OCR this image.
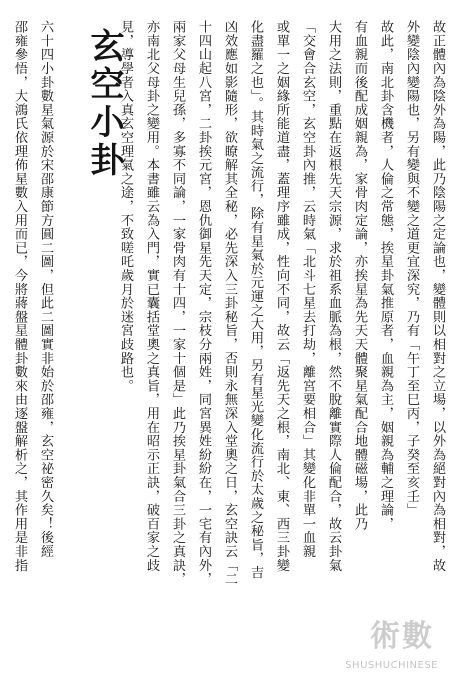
故正體內為陰外為陽，此乃陰陽之定論也，變體則以相對之立場，以外為絕對內為相對，故
外變陰內變陽也，另有變與不變之道更宜深究，乃有「午丁至巳丙，子癸至亥壬」
故此，南北卦含機者，人倫之常態，挨星卦氣推原者，血親為主，姻親為輔之理論，
有血親而後配成姻親為，家骨肉定論，亦挨星為先天天體聚星氣配合地體磁場，此乃
大用之法則，重點在返根先天宗源，求於祖系血脈為根，然不脫離實際人倫配合，故云卦氣
「交會合玄空，玄空卦內推，云時氣「北斗七星去打劫，離宮要相合」其變化非單一血親
或單一之姻緣所能道盡，蓋理序雖成，性向不同，故云「返先天之根，南北、東、西三卦變
化盡羅之也」。其時氣之流行，除有星氣於元運之大用，另有星光變化流行於太歲之秘旨，吉
凶效應如影隨形，欲瞭解其全秘，必先深入三卦秘旨，否則永無深入堂奧之日，玄空訣云「二
十四山起八宮，二卦挨元宮，恩仇御星先天定，宗枝分兩姓，同宮異姓紛紛在，一宅有內外，
兩家父母生兒孫，多寡不同論，一家骨肉有十四，一家十個是」此乃挨星卦氣合三卦之真訣，
亦南北父母卦之變用。本書雖云為入門，實已囊括堂奧之真旨，用在昭示正訣，破百家之歧
見，導學者入真玄空理氣之途，不致嗟吒歲月於迷宮歧路也。
玄空小卦
六十四小卦數星氣源於宋邵康節方圓二圖，但此二圖實非始於邵雍，玄空祕密久矣！後經
邵雍參悟，大鴻氏依理佈星數入用而已，今將蔣盤星體卦數來由逐盤解析之，其作用是非指
術數
SHUSHUCHINESE
